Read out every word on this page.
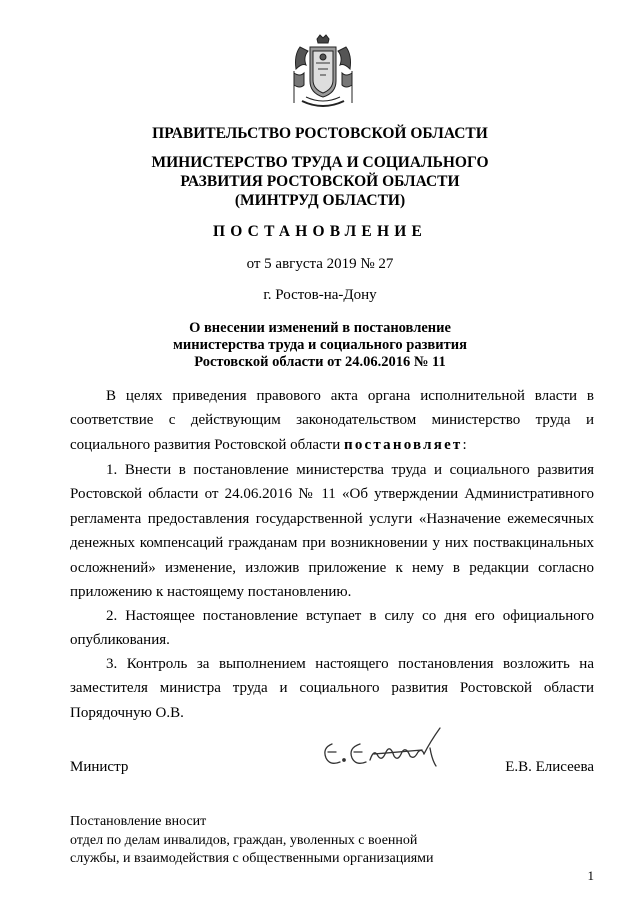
ПРАВИТЕЛЬСТВО РОСТОВСКОЙ ОБЛАСТИ
МИНИСТЕРСТВО ТРУДА И СОЦИАЛЬНОГО
РАЗВИТИЯ РОСТОВСКОЙ ОБЛАСТИ
(МИНТРУД ОБЛАСТИ)
ПОСТАНОВЛЕНИЕ
от 5 августа 2019 № 27
г. Ростов-на-Дону
О внесении изменений в постановление
министерства труда и социального развития
Ростовской области от 24.06.2016 № 11
В целях приведения правового акта органа исполнительной власти в
соответствие с действующим законодательством министерство труда и
социального развития Ростовской области постановляет:
1. Внести в постановление министерства труда и социального развития
Ростовской области от 24.06.2016 № 11 «Об утверждении Административного
регламента предоставления государственной услуги «Назначение ежемесячных
денежных компенсаций гражданам при возникновении у них поствакцинальных
осложнений» изменение, изложив приложение к нему в редакции согласно
приложению к настоящему постановлению.
2. Настоящее постановление вступает в силу со дня его официального
опубликования.
3. Контроль за выполнением настоящего постановления возложить на
заместителя министра труда и социального развития Ростовской области
Порядочную О.В.
Министр	Е.В. Елисеева
Постановление вносит
отдел по делам инвалидов, граждан, уволенных с военной
службы, и взаимодействия с общественными организациями
1
